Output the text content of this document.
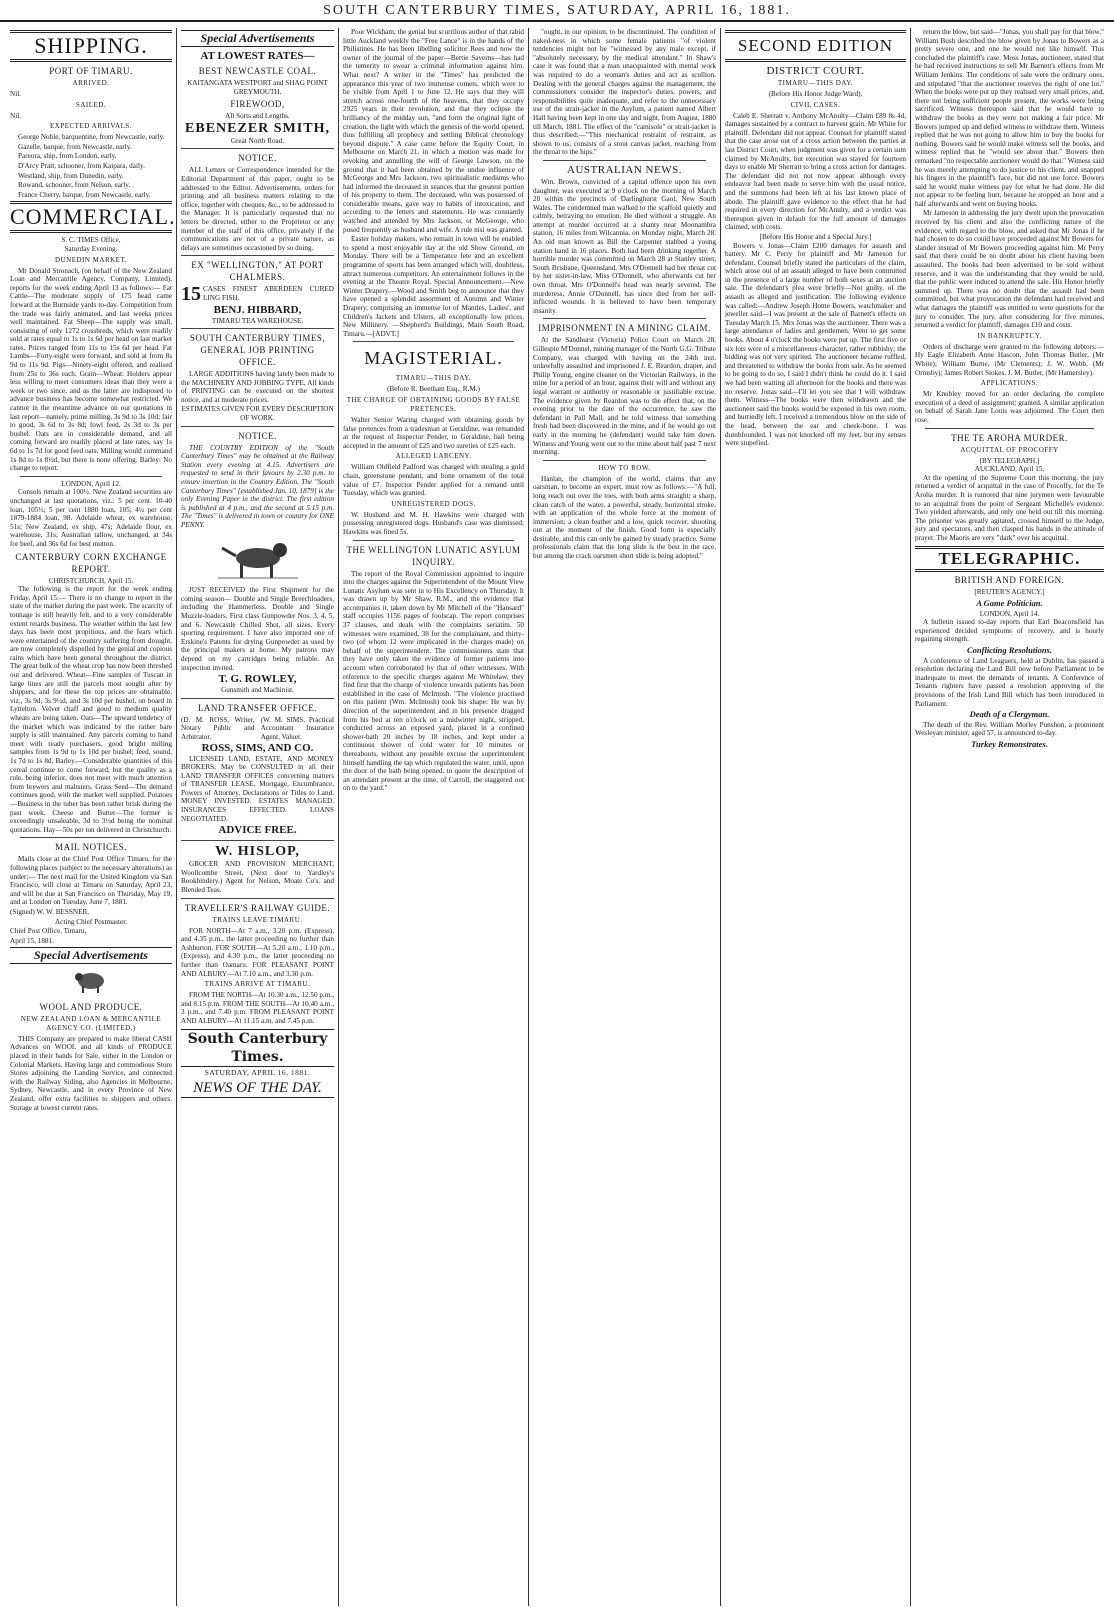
SOUTH CANTERBURY TIMES, SATURDAY, APRIL 16, 1881.
SHIPPING.
PORT OF TIMARU.
ARRIVED.
Nil.
SAILED.
Nil.
EXPECTED ARRIVALS.
George Noble, barquentine, from Newcastle, early.
Gazelle, barque, from Newcastle, early.
Pareora, ship, from London, early.
D'Arcy Pratt, schooner, from Kaipara, daily.
Westland, ship, from Dunedin, early.
Rowand, schooner, from Nelson, early.
France Cherry, barque, from Newcastle, early.
COMMERCIAL.
S. C. TIMES Office,
Saturday Evening.
DUNEDIN MARKET.
Mr Donald Stronach, (on behalf of the New Zealand Loan and Mercantile Agency, Company, Limited), reports for the week ending April 13 as follows:— Fat Cattle—The moderate supply of 175 head came forward at the Burnside yards to-day. Competition from the trade was fairly animated, and last weeks prices well maintained. Fat Sheep—The supply was small, consisting of only 1272 crossbreds, which were readily sold at rates equal to 1s to 1s 6d per head on last market rates. Prices ranged from 11s to 15s 6d per head. Fat Lambs—Forty-eight were forward, and sold at from 8s 9d to 11s 9d. Pigs—Ninety-eight offered, and realised from 25s to 36s each. Grain—Wheat: Holders appear less willing to meet consumers ideas than they were a week or two since, and as the latter are indisposed to advance business has become somewhat restricted. We cannot in the meantime advance on our quotations in last report—namely, prime milling, 3s 9d to 3s 10d; fair to good, 3s 6d to 3s 8d; fowl feed, 2s 3d to 3s per bushel. Oats are in considerable demand, and all coming forward are readily placed at late rates, say 1s 6d to 1s 7d for good feed oats. Milling would command 1s 8d to 1s 8½d, but there is none offering. Barley: No change to report.
LONDON, April 12.
Consols remain at 100½. New Zealand securities are unchanged at last quotations, viz.: 5 per cent. 10-40 loan, 105½; 5 per cent 1880 loan, 105; 4½ per cent 1879-1884 loan, 98. Adelaide wheat, ex warehouse, 51s; New Zealand, ex ship, 47s; Adelaide flour, ex warehouse, 31s; Australian tallow, unchanged, at 34s for beef, and 36s 6d for best mutton.
CANTERBURY CORN EXCHANGE REPORT.
CHRISTCHURCH, April 15.
The following is the report for the week ending Friday, April 15:— There is no change to report in the state of the market during the past week. The scarcity of tonnage is still heavily felt, and to a very considerable extent retards business. The weather within the last few days has been most propitious, and the fears which were entertained of the country suffering from drought, are now completely dispelled by the genial and copious rains which have been general throughout the district. The great bulk of the wheat crop has now been threshed out and delivered. Wheat—Fine samples of Tuscan in large lines are still the parcels most sought after by shippers, and for these the top prices are obtainable, viz., 3s 9d, 3s 9½d, and 3s 10d per bushel, on board in Lyttelton. Velvet chaff and good to medium quality wheats are being taken. Oats—The upward tendency of the market which was indicated by the rather bare supply is still maintained. Any parcels coming to hand meet with ready purchasers, good bright milling samples from 1s 9d to 1s 10d per bushel; feed, sound, 1s 7d to 1s 8d. Barley.—Considerable quantities of this cereal continue to come forward, but the quality as a rule, being inferior, does not meet with much attention from brewers and maltsters. Grass Seed—The demand continues good, with the market well supplied. Potatoes—Business in the tuber has been rather brisk during the past week. Cheese and Butter—The former is exceedingly unsaleable, 3d to 3½d being the nominal quotations. Hay—50s per ton delivered in Christchurch.
MAIL NOTICES.
Mails close at the Chief Post Office Timaru, for the following places (subject to the necessary alterations) as under:— The next mail for the United Kingdom via San Francisco, will close at Timaru on Saturday, April 23, and will be due at San Francisco on Thursday, May 19, and at London on Tuesday, June 7, 1881.
(Signed) W. W. BESSNER,
Acting Chief Postmaster.
Chief Post Office, Timaru,
April 15, 1881.
Special Advertisements
WOOL AND PRODUCE.
NEW ZEALAND LOAN & MERCANTILE AGENCY CO. (LIMITED.)
THIS Company are prepared to make liberal CASH Advances on WOOL and all kinds of PRODUCE placed in their hands for Sale, either in the London or Colonial Markets. Having large and commodious Store Stores adjoining the Landing Service, and connected with the Railway Siding, also Agencies in Melbourne, Sydney, Newcastle, and in every Province of New Zealand, offer extra facilities to shippers and others. Storage at lowest current rates.
Special Advertisements
AT LOWEST RATES—
BEST NEWCASTLE COAL.
KAITANGATA WESTPORT and SHAG POINT GREYMOUTH.
FIREWOOD,
All Sorts and Lengths.
EBENEZER SMITH,
Great North Road.
NOTICE.
ALL Letters or Correspondence intended for the Editorial Department of this paper, ought to be addressed to the Editor. Advertisements, orders for printing and all business matters relating to the office, together with cheques, &c., to be addressed to the Manager. It is particularly requested that no letters be directed, either to the Proprietor or any member of the staff of this office, privately if the communications are not of a private nature, as delays are sometimes occasioned by so doing.
EX "WELLINGTON," AT PORT CHALMERS.
15 CASES FINEST ABERDEEN CURED LING FISH.
BENJ. HIBBARD,
TIMARU TEA WAREHOUSE.
SOUTH CANTERBURY TIMES, GENERAL JOB PRINTING OFFICE.
LARGE ADDITIONS having lately been made to the MACHINERY AND JOBBING TYPE, All kinds of PRINTING can be executed on the shortest notice, and at moderate prices.
ESTIMATES GIVEN FOR EVERY DESCRIPTION OF WORK.
NOTICE.
THE COUNTRY EDITION of the "South Canterbury Times" may be obtained at the Railway Station every evening at 4.15. Advertisers are requested to send in their favours by 2.30 p.m. to ensure insertion in the Country Edition. The "South Canterbury Times" [established Jan. 10, 1879] is the only Evening Paper in the district. The first edition is published at 4 p.m., and the second at 5.15 p.m. The "Times" is delivered in town or country for ONE PENNY.
JUST RECEIVED the First Shipment for the coming season— Double and Single Breechloaders, including the Hammerless. Double and Single Muzzle-loaders. First class Gunpowder Nos. 3, 4, 5, and 6. Newcastle Chilled Shot, all sizes. Every sporting requirement. I have also imported one of Erskine's Patents for drying Gunpowder as used by the principal makers at home. My patrons may depend on my cartridges being reliable. An inspection invited.
T. G. ROWLEY,
Gunsmith and Machinist.
LAND TRANSFER OFFICE.
(D. M. ROSS, Writer, Notary Public and Arbitrator.
(W. M. SIMS, Practical Accountant Insurance Agent, Valuer.
ROSS, SIMS, AND CO.
LICENSED LAND, ESTATE, AND MONEY BROKERS, May be CONSULTED in all their LAND TRANSFER OFFICES concerning matters of TRANSFER LEASE, Mortgage, Encumbrance, Powers of Attorney, Declarations or Titles to Land. MONEY INVESTED. ESTATES MANAGED. INSURANCES EFFECTED. LOANS NEGOTIATED.
ADVICE FREE.
W. HISLOP,
GROCER AND PROVISION MERCHANT, Woollcombe Street, (Next door to Yardley's Bookbindery.) Agent for Nelson, Moate Co's. and Blended Teas.
TRAVELLER'S RAILWAY GUIDE.
TRAINS LEAVE TIMARU.
FOR NORTH—At 7 a.m., 3.20 p.m. (Express), and 4.35 p.m., the latter proceeding no further than Ashburton. FOR SOUTH—At 5.20 a.m., 1.10 p.m., (Express), and 4.30 p.m., the latter proceeding no further than Oamaru. FOR PLEASANT POINT AND ALBURY—At 7.10 a.m., and 3.30 p.m.
TRAINS ARRIVE AT TIMARU.
FROM THE NORTH—At 10.30 a.m., 12.50 p.m., and 8.15 p.m. FROM THE SOUTH—At 10.40 a.m., 3 p.m., and 7.40 p.m. FROM PLEASANT POINT AND ALBURY—At 11.15 a.m. and 7.45 p.m.
South Canterbury Times.
SATURDAY, APRIL 16, 1881.
NEWS OF THE DAY.
Poor Wickham, the genial but scurrilous author of that rabid little Auckland weekly the "Free Lance" is in the hands of the Philistines. He has been libelling solicitor Rees and now the owner of the journal of the paper—Bertie Saverns—has had the temerity to swear a criminal information against him. What next? A writer in the "Times" has predicted the appearance this year of two immense comets, which were to be visible from April 1 to June 12. He says that they will stretch across one-fourth of the heavens, that they occupy 2925 years in their revolution, and that they eclipse the brilliancy of the midday sun, "and form the original light of creation, the light with which the genesis of the world opened, thus fulfilling all prophecy and settling Biblical chronology beyond dispute." A case came before the Equity Court, in Melbourne on March 21, in which a motion was made for revoking and annulling the will of George Lawson, on the ground that it had been obtained by the undue influence of McGeorge and Mrs Jackson, two spiritualistic mediums who had informed the deceased in seances that the greatest portion of his property to them. The deceased, who was possessed of considerable means, gave way to habits of intoxication, and according to the letters and statements. He was constantly watched and attended by Mrs Jackson, or McGeorge, who posed frequently as husband and wife. A rule nisi was granted.
Easter holiday makers, who remain in town will be enabled to spend a most enjoyable day at the old Show Ground, on Monday. There will be a Temperance fete and an excellent programme of sports has been arranged which will, doubtless, attract numerous competitors. An entertainment follows in the evening at the Theatre Royal. Special Announcement.—New Winter Drapery.—Wood and Smith beg to announce that they have opened a splendid assortment of Autumn and Winter Drapery, comprising an immense lot of Mantles, Ladies', and Children's Jackets and Ulsters, all exceptionally low prices. New Millinery. —Shepherd's Buildings, Main South Road, Timaru.—[ADVT.]
MAGISTERIAL.
TIMARU—THIS DAY.
(Before R. Beetham Esq., R.M.)
THE CHARGE OF OBTAINING GOODS BY FALSE PRETENCES.
Walter Senior Waring charged with obtaining goods by false pretences from a tradesman at Geraldine, was remanded at the request of Inspector Pender, to Geraldine, bail being accepted in the amount of £25 and two sureties of £25 each.
ALLEGED LARCENY.
William Oldfield Padford was charged with stealing a gold chain, greenstone pendant, and bone ornament of the total value of £7. Inspector Pender applied for a remand until Tuesday, which was granted.
UNREGISTERED DOGS.
W. Husband and M. H. Hawkins were charged with possessing unregistered dogs. Husband's case was dismissed; Hawkins was fined 5s.
THE WELLINGTON LUNATIC ASYLUM INQUIRY.
The report of the Royal Commission appointed to inquire into the charges against the Superintendent of the Mount View Lunatic Asylum was sent in to His Excellency on Thursday. It was drawn up by Mr Shaw, R.M., and the evidence that accompanies it, taken down by Mr Mitchell of the "Hansard" staff occupies 1156 pages of foolscap. The report comprises 37 clauses, and deals with the complaints seriatim. 50 witnesses were examined, 38 for the complainant, and thirty-two (of whom 12 were implicated in the charges made) on behalf of the superintendent. The commissioners state that they have only taken the evidence of former patients into account when corroborated by that of other witnesses. With reference to the specific charges against Mr Whitelaw, they find first that the charge of violence towards patients has been established in the case of McIntosh. "The violence practised on this patient (Wm. McIntosh) took his shape: He was by direction of the superintendent and in his presence dragged from his bed at ten o'clock on a midwinter night, stripped, conducted across an exposed yard, placed in a confined shower-bath 20 inches by 18 inches, and kept under a continuous shower of cold water for 10 minutes or thereabouts, without any possible excuse the superintendent himself handling the tap which regulated the water, until, upon the door of the bath being opened, to quote the description of an attendant present at the time, of Carroll, the staggered out on to the yard."
"ought, in our opinion, to be discontinued. The condition of naked-ness in which some female patients "of violent tendencies might not be "witnessed by any male except, if "absolutely necessary, by the medical attendant." In Shaw's case it was found that a man unacquainted with mental work was required to do a woman's duties and act as scullion. Dealing with the general charges against the management, the commissioners consider the inspector's duties, powers, and responsibilities quite inadequate, and refer to the unnecessary use of the strait-jacket in the Asylum, a patient named Albert Hall having been kept in one day and night, from August, 1880 till March, 1881. The effect of the "camisole" or strait-jacket is thus described:—"This mechanical restraint of restraint, as shown to us, consists of a stout canvas jacket, reaching from the throat to the hips."
AUSTRALIAN NEWS.
Wm. Brown, convicted of a capital offence upon his own daughter, was executed at 9 o'clock on the morning of March 20 within the precincts of Darlinghurst Gaol, New South Wales. The condemned man walked to the scaffold quietly and calmly, betraying no emotion. He died without a struggle. An attempt at murder occurred at a shanty near Moonambra station, 16 miles from Wilcannia, on Monday night, March 28. An old man known as Bill the Carpenter stabbed a young station hand in 16 places. Both had been drinking together. A horrible murder was committed on March 28 at Stanley street, South Brisbane, Queensland. Mrs O'Donnell had her throat cut by her sister-in-law, Miss O'Donnell, who afterwards cut her own throat. Mrs O'Donnell's head was nearly severed. The murderess, Annie O'Donnell, has since died from her self-inflicted wounds. It is believed to have been temporary insanity.
IMPRISONMENT IN A MINING CLAIM.
At the Sandhurst (Victoria) Police Court on March 28, Gillespie M'Donnel, mining manager of the North G.G. Tribute Company, was charged with having on the 24th inst. unlawfully assaulted and imprisoned J. E. Reardon, draper, and Philip Young, engine cleaner on the Victorian Railways, in the mine for a period of an hour, against their will and without any legal warrant or authority or reasonable or justifiable excuse. The evidence given by Reardon was to the effect that, on the evening prior to the date of the occurrence, he saw the defendant in Pall Mall, and he told witness that something fresh had been discovered in the mine, and if he would go out early in the morning he (defendant) would take him down. Witness and Young went out to the mine about half past 7 next morning.
HOW TO ROW.
Hanlan, the champion of the world, claims that any oarsman, to become an expert, must row as follows:—"A full, long reach out over the toes, with both arms straight; a sharp, clean catch of the water, a powerful, steady, horizontal stroke, with an application of the whole force at the moment of immersion; a clean feather and a low, quick recover, shooting out at the moment of the finish. Good form is especially desirable, and this can only be gained by steady practice. Some professionals claim that the long slide is the best in the race, but among the crack oarsmen short slide is being adopted."
SECOND EDITION
DISTRICT COURT.
TIMARU—THIS DAY.
(Before His Honor Judge Ward).
CIVIL CASES.
Caleb E. Sherratt v. Anthony McAnulty—Claim £89 8s 4d, damages sustained by a contract to harvest grain. Mr White for plaintiff. Defendant did not appear. Counsel for plaintiff stated that the case arose out of a cross action between the parties at last District Court, when judgment was given for a certain sum claimed by McAnulty, but execution was stayed for fourteen days to enable Mr Sherratt to bring a cross action for damages. The defendant did not not now appear although every endeavor had been made to serve him with the usual notice, and the summons had been left at his last known place of abode. The plaintiff gave evidence to the effect that he had required in every direction for McAnulty, and a verdict was thereupon given in default for the full amount of damages claimed, with costs.
[Before His Honor and a Special Jury.]
Bowers v. Jonas—Claim £200 damages for assault and battery. Mr C. Perry for plaintiff and Mr Jameson for defendant. Counsel briefly stated the particulars of the claim, which arose out of an assault alleged to have been committed in the presence of a large number of both sexes at an auction sale. The defendant's plea were briefly—Not guilty, of the assault as alleged and justification. The following evidence was called:—Andrew Joseph Home Bowers, watchmaker and jeweller said—I was present at the sale of Barnett's effects on Tuesday March 15. Mrs Jonas was the auctioneer. There was a large attendance of ladies and gentlemen. Went to get some books. About 4 o'clock the books were put up. The first five or six lots were of a miscellaneous character, rather rubbishy; the bidding was not very spirited. The auctioneer became ruffled, and threatened to withdraw the books from sale. As he seemed to be going to do so, I said I didn't think he could do it. I said we had been waiting all afternoon for the books and there was no reserve. Jonas said—I'll let you see that I will withdraw them. Witness—The books were then withdrawn and the auctioneer said the books would be exposed in his own room, and hurriedly left. I received a tremendous blow on the side of the head, between the ear and cheek-bone. I was dumbfounded. I was not knocked off my feet, but my senses were stupefied.
return the blow, but said—"Jonas, you shall pay for that blow." William Bush described the blow given by Jonas to Bowers as a pretty severe one, and one he would not like himself. This concluded the plaintiff's case. Moss Jonas, auctioneer, stated that he had received instructions to sell Mr Barnett's effects from Mr William Jenkins. The conditions of sale were the ordinary ones, and stipulated "that the auctioneer reserves the right of one lot." When the books were put up they realised very small prices, and, there not being sufficient people present, the works were being sacrificed. Witness thereupon said that he would have to withdraw the books as they were not making a fair price. Mr Bowers jumped up and defied witness to withdraw them. Witness replied that he was not going to allow him to buy the books for nothing. Bowers said he would make witness sell the books, and witness replied that he "would see about that." Bowers then remarked "no respectable auctioneer would do that." Witness said he was merely attempting to do justice to his client, and snapped his fingers in the plaintiff's face, but did not use force. Bowers said he would make witness pay for what he had done. He did not appear to be feeling hurt, because he stopped an hour and a half afterwards and went on buying books.
Mr Jameson in addressing the jury dwelt upon the provocation received by his client and also the conflicting nature of the evidence, with regard to the blow, and asked that Mr Jonas if he had chosen to do so could have proceeded against Mr Bowers for slander instead of Mr Bowers proceeding against him. Mr Perry said that there could be no doubt about his client having been assaulted. The books had been advertised to be sold without reserve, and it was the understanding that they would be sold, that the public were induced to attend the sale. His Honor briefly summed up. There was no doubt that the assault had been committed, but what provocation the defendant had received and what damages the plaintiff was entitled to were questions for the jury to consider. The jury, after considering for five minutes, returned a verdict for plaintiff, damages £10 and costs.
IN BANKRUPTCY.
Orders of discharge were granted to the following debtors:—Hy Eagle Elizabeth Anne Hascon, John Thomas Butler, (Mr White); William Burne, (Mr Clements); J. W. Webb, (Mr Ormsby); James Robert Stokes, J. M. Butler, (Mr Hamersley).
APPLICATIONS.
Mr Knubley moved for an order declaring the complete execution of a deed of assignment; granted. A similar application on behalf of Sarah Jane Louis was adjourned. The Court then rose.
THE TE AROHA MURDER.
ACQUITTAL OF PROCOFFY
[BY TELEGRAPH.]
AUCKLAND, April 15.
At the opening of the Supreme Court this morning, the jury returned a verdict of acquittal in the case of Procoffy, for the Te Aroha murder. It is rumored that nine jurymen were favourable to an acquittal from the point of Sergeant Michelle's evidence. Two yielded afterwards, and only one held out till this morning. The prisoner was greatly agitated, crossed himself to the Judge, jury and spectators, and then clasped his hands in the attitude of prayer. The Maoris are very "dark" over his acquittal.
TELEGRAPHIC.
BRITISH AND FOREIGN.
[REUTER'S AGENCY.]
A Game Politician.
LONDON, April 14.
A bulletin issued to-day reports that Earl Beaconsfield has experienced decided symptoms of recovery, and is hourly regaining strength.
Conflicting Resolutions.
A conference of Land Leaguers, held at Dublin, has passed a resolution declaring the Land Bill now before Parliament to be inadequate to meet the demands of tenants. A Conference of Tenants righters have passed a resolution approving of the provisions of the Irish Land Bill which has been introduced in Parliament.
Death of a Clergyman.
The death of the Rev. William Morley Punshon, a prominent Wesleyan minister, aged 57, is announced to-day.
Turkey Remonstrates.
